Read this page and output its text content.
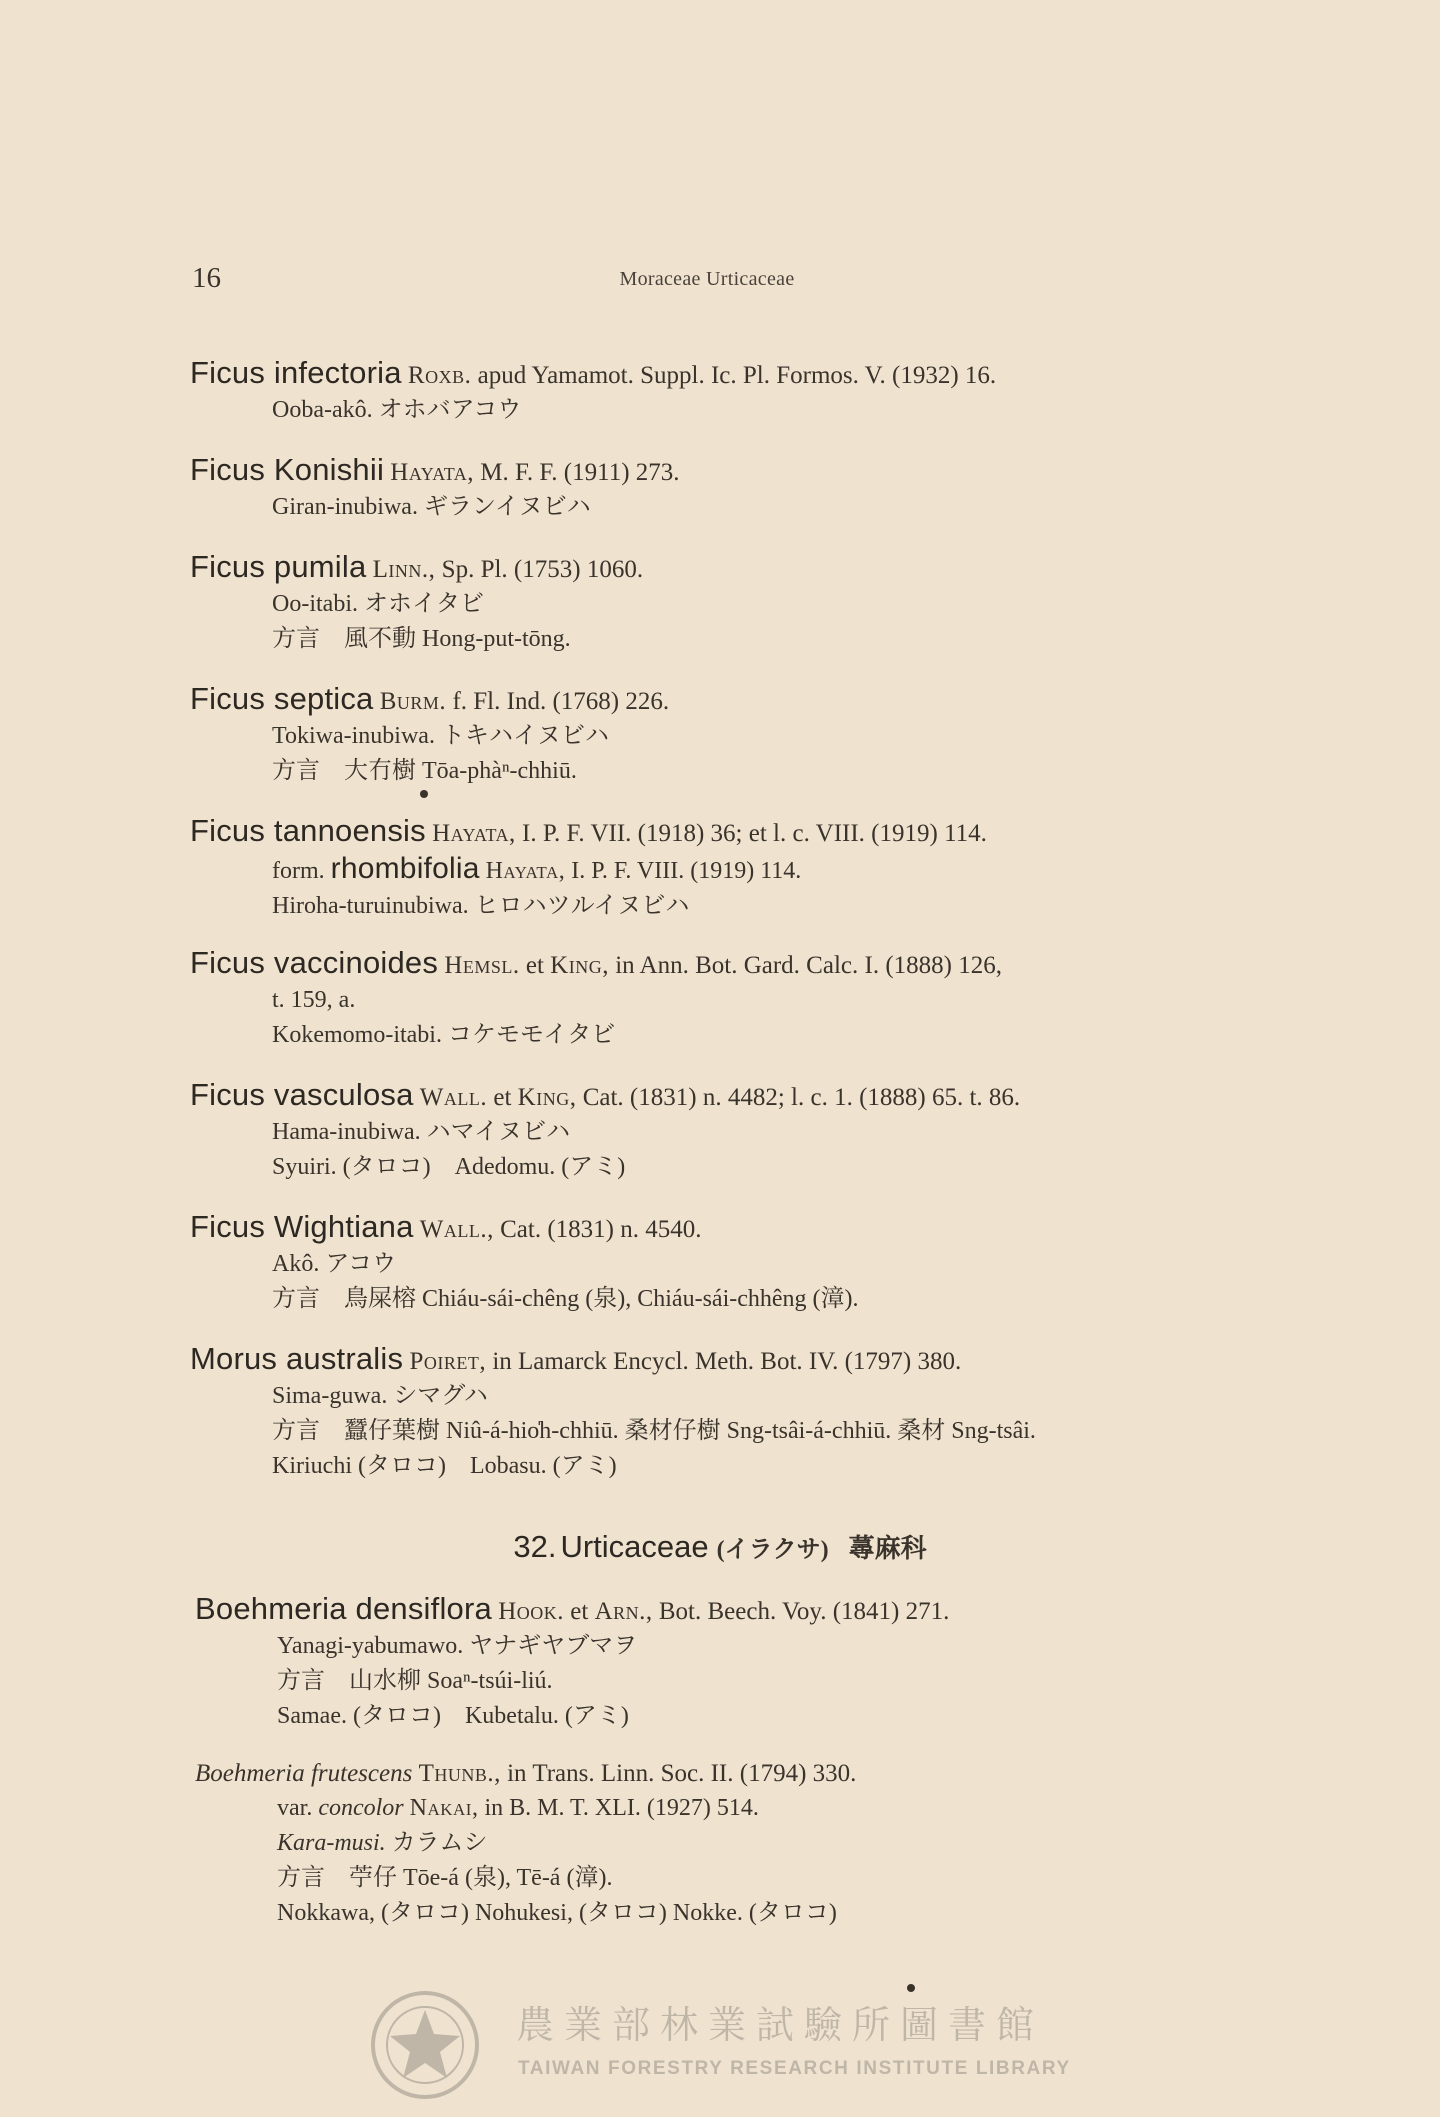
16	Moraceae Urticaceae
Ficus infectoria Roxb. apud Yamamot. Suppl. Ic. Pl. Formos. V. (1932) 16.
Ooba-akô. オホバアコウ
Ficus Konishii Hayata, M. F. F. (1911) 273.
Giran-inubiwa. ギランイヌビハ
Ficus pumila Linn., Sp. Pl. (1753) 1060.
Oo-itabi. オホイタビ
方言　風不動 Hong-put-tōng.
Ficus septica Burm. f. Fl. Ind. (1768) 226.
Tokiwa-inubiwa. トキハイヌビハ
方言　大冇樹 Tōa-phàⁿ-chhiū.
Ficus tannoensis Hayata, I. P. F. VII. (1918) 36; et l. c. VIII. (1919) 114.
form. rhombifolia Hayata, I. P. F. VIII. (1919) 114.
Hiroha-turuinubiwa. ヒロハツルイヌビハ
Ficus vaccinoides Hemsl. et King, in Ann. Bot. Gard. Calc. I. (1888) 126,
t. 159, a.
Kokemomo-itabi. コケモモイタビ
Ficus vasculosa Wall. et King, Cat. (1831) n. 4482; l. c. 1. (1888) 65. t. 86.
Hama-inubiwa. ハマイヌビハ
Syuiri. (タロコ)　Adedomu. (アミ)
Ficus Wightiana Wall., Cat. (1831) n. 4540.
Akô. アコウ
方言　鳥屎榕 Chiáu-sái-chêng (泉), Chiáu-sái-chhêng (漳).
Morus australis Poiret, in Lamarck Encycl. Meth. Bot. IV. (1797) 380.
Sima-guwa. シマグハ
方言　蠶仔葉樹 Niû-á-hio̍h-chhiū. 桑材仔樹 Sng-tsâi-á-chhiū. 桑材 Sng-tsâi.
Kiriuchi (タロコ)　Lobasu. (アミ)
32. Urticaceae (イラクサ) 蕁麻科
Boehmeria densiflora Hook. et Arn., Bot. Beech. Voy. (1841) 271.
Yanagi-yabumawo. ヤナギヤブマヲ
方言　山水柳 Soaⁿ-tsúi-liú.
Samae. (タロコ)　Kubetalu. (アミ)
Boehmeria frutescens Thunb., in Trans. Linn. Soc. II. (1794) 330.
var. concolor Nakai, in B. M. T. XLI. (1927) 514.
Kara-musi. カラムシ
方言　苧仔 Tōe-á (泉), Tē-á (漳).
Nokkawa, (タロコ) Nohukesi, (タロコ) Nokke. (タロコ)
農業部林業試驗所圖書館
TAIWAN FORESTRY RESEARCH INSTITUTE LIBRARY
